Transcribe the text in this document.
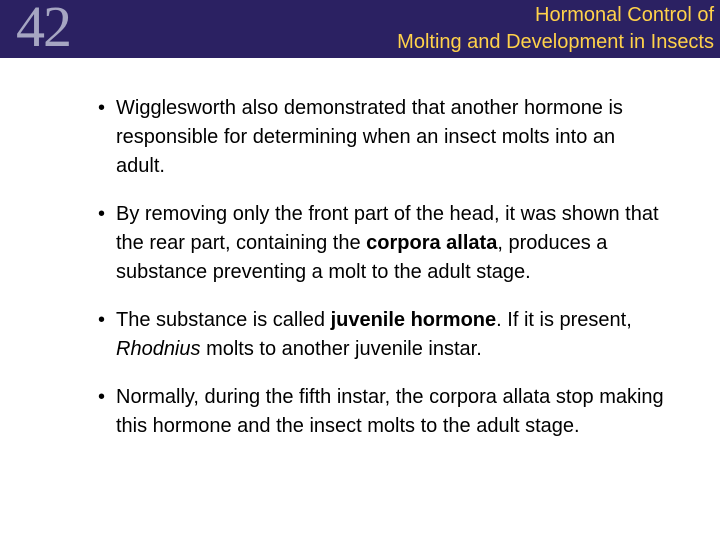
42	Hormonal Control of
Molting and Development in Insects
• Wigglesworth also demonstrated that another hormone is responsible for determining when an insect molts into an adult.
• By removing only the front part of the head, it was shown that the rear part, containing the corpora allata, produces a substance preventing a molt to the adult stage.
• The substance is called juvenile hormone. If it is present, Rhodnius molts to another juvenile instar.
• Normally, during the fifth instar, the corpora allata stop making this hormone and the insect molts to the adult stage.
